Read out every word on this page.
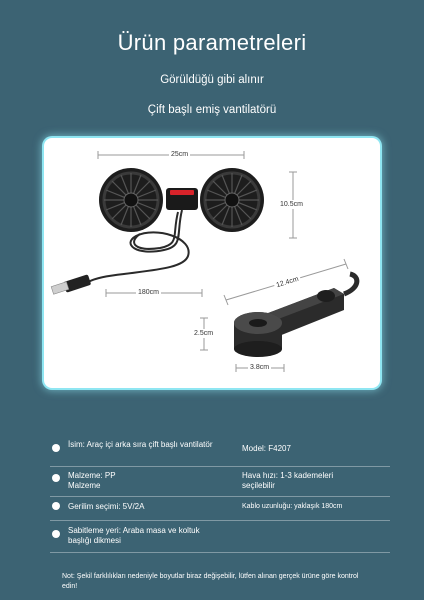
Ürün parametreleri
Görüldüğü gibi alınır
Çift başlı emiş vantilatörü
25cm
10.5cm
180cm
12.4cm
2.5cm
3.8cm
İsim: Araç içi arka sıra çift başlı vantilatör	Model: F4207
Malzeme: PP Malzeme
Hava hızı: 1-3 kademeleri seçilebilir
Gerilim seçimi: 5V/2A	Kablo uzunluğu: yaklaşık 180cm
Sabitleme yeri: Araba masa ve koltuk başlığı dikmesi
Not: Şekil farklılıkları nedeniyle boyutlar biraz değişebilir, lütfen alınan gerçek ürüne göre kontrol edin!
